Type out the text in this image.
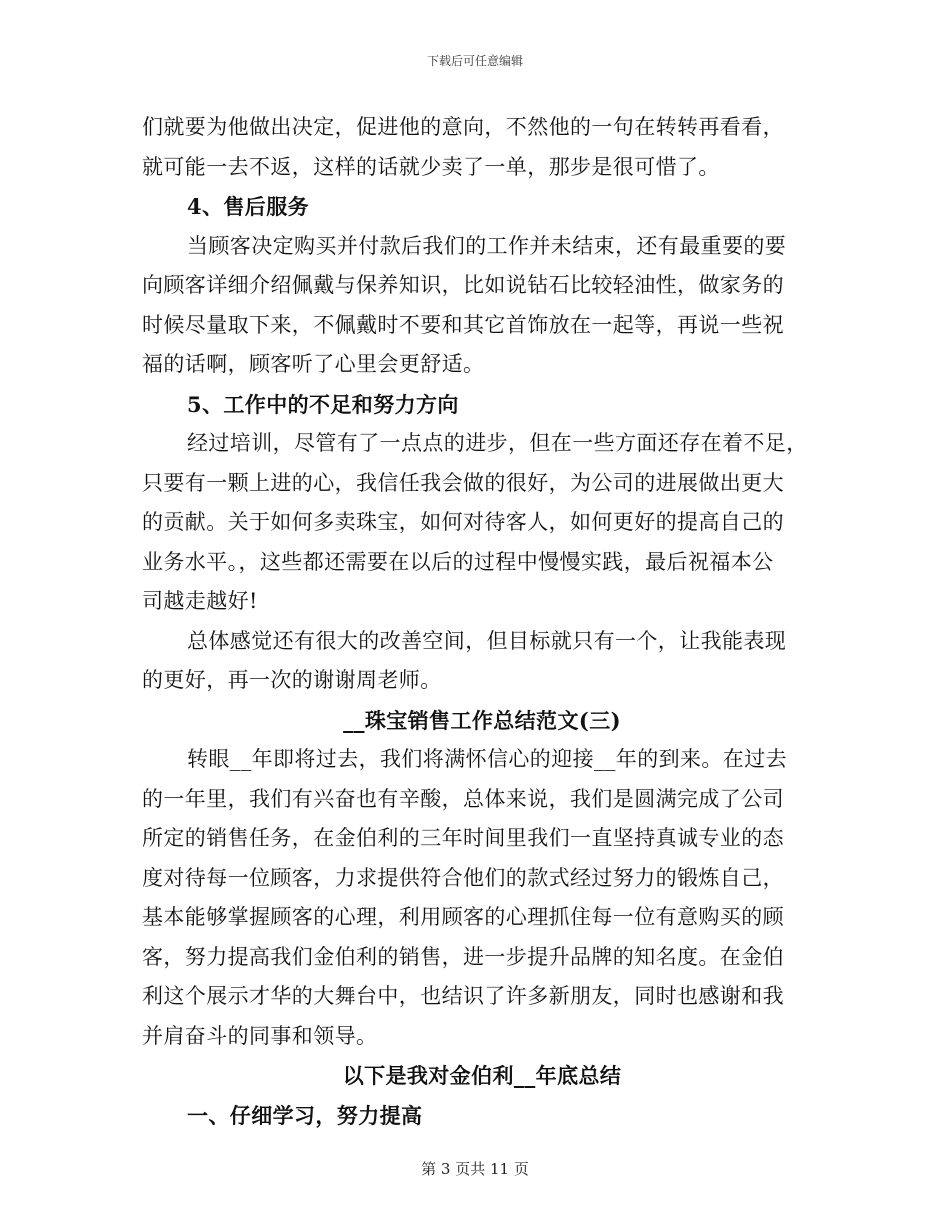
下载后可任意编辑
们就要为他做出决定，促进他的意向，不然他的一句在转转再看看，
就可能一去不返，这样的话就少卖了一单，那步是很可惜了。
4、售后服务
当顾客决定购买并付款后我们的工作并未结束，还有最重要的要
向顾客详细介绍佩戴与保养知识，比如说钻石比较轻油性，做家务的
时候尽量取下来，不佩戴时不要和其它首饰放在一起等，再说一些祝
福的话啊，顾客听了心里会更舒适。
5、工作中的不足和努力方向
经过培训，尽管有了一点点的进步，但在一些方面还存在着不足，
只要有一颗上进的心，我信任我会做的很好，为公司的进展做出更大
的贡献。关于如何多卖珠宝，如何对待客人，如何更好的提高自己的
业务水平。，这些都还需要在以后的过程中慢慢实践，最后祝福本公
司越走越好!
总体感觉还有很大的改善空间，但目标就只有一个，让我能表现
的更好，再一次的谢谢周老师。
__珠宝销售工作总结范文(三)
转眼__年即将过去，我们将满怀信心的迎接__年的到来。在过去
的一年里，我们有兴奋也有辛酸，总体来说，我们是圆满完成了公司
所定的销售任务，在金伯利的三年时间里我们一直坚持真诚专业的态
度对待每一位顾客，力求提供符合他们的款式经过努力的锻炼自己，
基本能够掌握顾客的心理，利用顾客的心理抓住每一位有意购买的顾
客，努力提高我们金伯利的销售，进一步提升品牌的知名度。在金伯
利这个展示才华的大舞台中，也结识了许多新朋友，同时也感谢和我
并肩奋斗的同事和领导。
以下是我对金伯利__年底总结
一、仔细学习，努力提高
第 3 页共 11 页
